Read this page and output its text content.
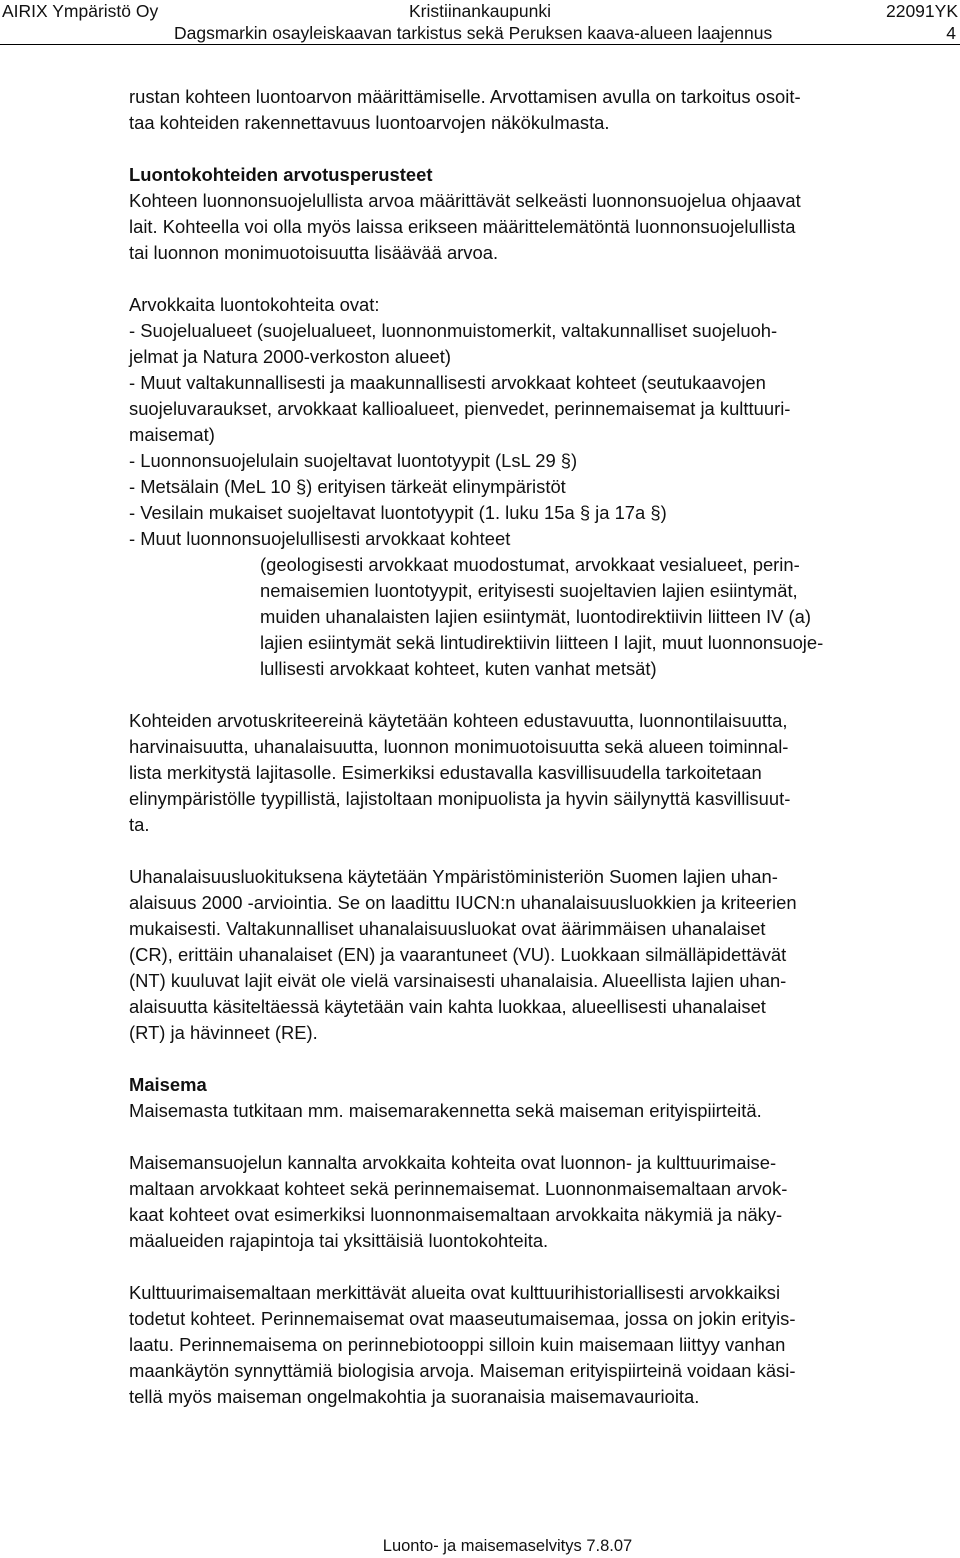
AIRIX Ympäristö Oy	Kristiinankaupunki	22091YK
Dagsmarkin osayleiskaavan tarkistus sekä Peruksen kaava-alueen laajennus	4

rustan kohteen luontoarvon määrittämiselle. Arvottamisen avulla on tarkoitus osoit-

taa kohteiden rakennettavuus luontoarvojen näkökulmasta.

Luontokohteiden arvotusperusteet

Kohteen luonnonsuojelullista arvoa määrittävät selkeästi luonnonsuojelua ohjaavat

lait. Kohteella voi olla myös laissa erikseen määrittelemätöntä luonnonsuojelullista

tai luonnon monimuotoisuutta lisäävää arvoa.

Arvokkaita luontokohteita ovat:

- Suojelualueet (suojelualueet, luonnonmuistomerkit, valtakunnalliset suojeluoh-

jelmat ja Natura 2000-verkoston alueet)

- Muut valtakunnallisesti ja maakunnallisesti arvokkaat kohteet (seutukaavojen

suojeluvaraukset, arvokkaat kallioalueet, pienvedet, perinnemaisemat ja kulttuuri-

maisemat)

- Luonnonsuojelulain suojeltavat luontotyypit (LsL 29 §)

- Metsälain (MeL 10 §) erityisen tärkeät elinympäristöt

- Vesilain mukaiset suojeltavat luontotyypit (1. luku 15a § ja 17a §)

- Muut luonnonsuojelullisesti arvokkaat kohteet

(geologisesti arvokkaat muodostumat, arvokkaat vesialueet, perin-

nemaisemien luontotyypit, erityisesti suojeltavien lajien esiintymät,

muiden uhanalaisten lajien esiintymät, luontodirektiivin liitteen IV (a)

lajien esiintymät sekä lintudirektiivin liitteen I lajit, muut luonnonsuoje-

lullisesti arvokkaat kohteet, kuten vanhat metsät)

Kohteiden arvotuskriteereinä käytetään kohteen edustavuutta, luonnontilaisuutta,

harvinaisuutta, uhanalaisuutta, luonnon monimuotoisuutta sekä alueen toiminnal-

lista merkitystä lajitasolle. Esimerkiksi edustavalla kasvillisuudella tarkoitetaan

elinympäristölle tyypillistä, lajistoltaan monipuolista ja hyvin säilynyttä kasvillisuut-

ta.

Uhanalaisuusluokituksena käytetään Ympäristöministeriön Suomen lajien uhan-

alaisuus 2000 -arviointia. Se on laadittu IUCN:n uhanalaisuusluokkien ja kriteerien

mukaisesti. Valtakunnalliset uhanalaisuusluokat ovat äärimmäisen uhanalaiset

(CR), erittäin uhanalaiset (EN) ja vaarantuneet (VU). Luokkaan silmälläpidettävät

(NT) kuuluvat lajit eivät ole vielä varsinaisesti uhanalaisia. Alueellista lajien uhan-

alaisuutta käsiteltäessä käytetään vain kahta luokkaa, alueellisesti uhanalaiset

(RT) ja hävinneet (RE).

Maisema

Maisemasta tutkitaan mm. maisemarakennetta sekä maiseman erityispiirteitä.

Maisemansuojelun kannalta arvokkaita kohteita ovat luonnon- ja kulttuurimaise-

maltaan arvokkaat kohteet sekä perinnemaisemat. Luonnonmaisemaltaan arvok-

kaat kohteet ovat esimerkiksi luonnonmaisemaltaan arvokkaita näkymiä ja näky-

mäalueiden rajapintoja tai yksittäisiä luontokohteita.

Kulttuurimaisemaltaan merkittävät alueita ovat kulttuurihistoriallisesti arvokkaiksi

todetut kohteet. Perinnemaisemat ovat maaseutumaisemaa, jossa on jokin erityis-

laatu. Perinnemaisema on perinnebiotooppi silloin kuin maisemaan liittyy vanhan

maankäytön synnyttämiä biologisia arvoja. Maiseman erityispiirteinä voidaan käsi-

tellä myös maiseman ongelmakohtia ja suoranaisia maisemavaurioita.

Luonto- ja maisemaselvitys 7.8.07
